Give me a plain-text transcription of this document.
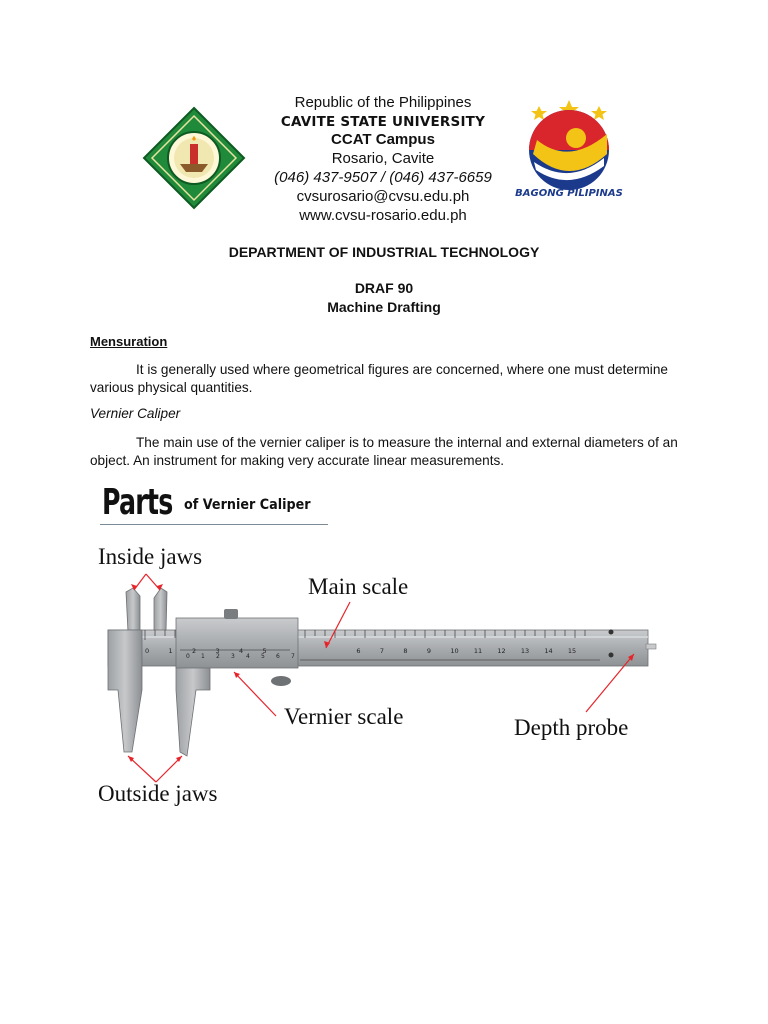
Republic of the Philippines
CAVITE STATE UNIVERSITY
CCAT Campus
Rosario, Cavite
(046) 437-9507 / (046) 437-6659
cvsurosario@cvsu.edu.ph
www.cvsu-rosario.edu.ph
BAGONG PILIPINAS
DEPARTMENT OF INDUSTRIAL TECHNOLOGY
DRAF 90
Machine Drafting
Mensuration
It is generally used where geometrical figures are concerned, where one must determine various physical quantities.
Vernier Caliper
The main use of the vernier caliper is to measure the internal and external diameters of an object. An instrument for making very accurate linear measurements.
Parts of Vernier Caliper
0	1	2	3	4	5	6	7	8	9	10 11 12 13 14 15
0 1 2 3 4 5 6 7
Inside jaws
Main scale
Vernier scale	Depth probe
Outside jaws
